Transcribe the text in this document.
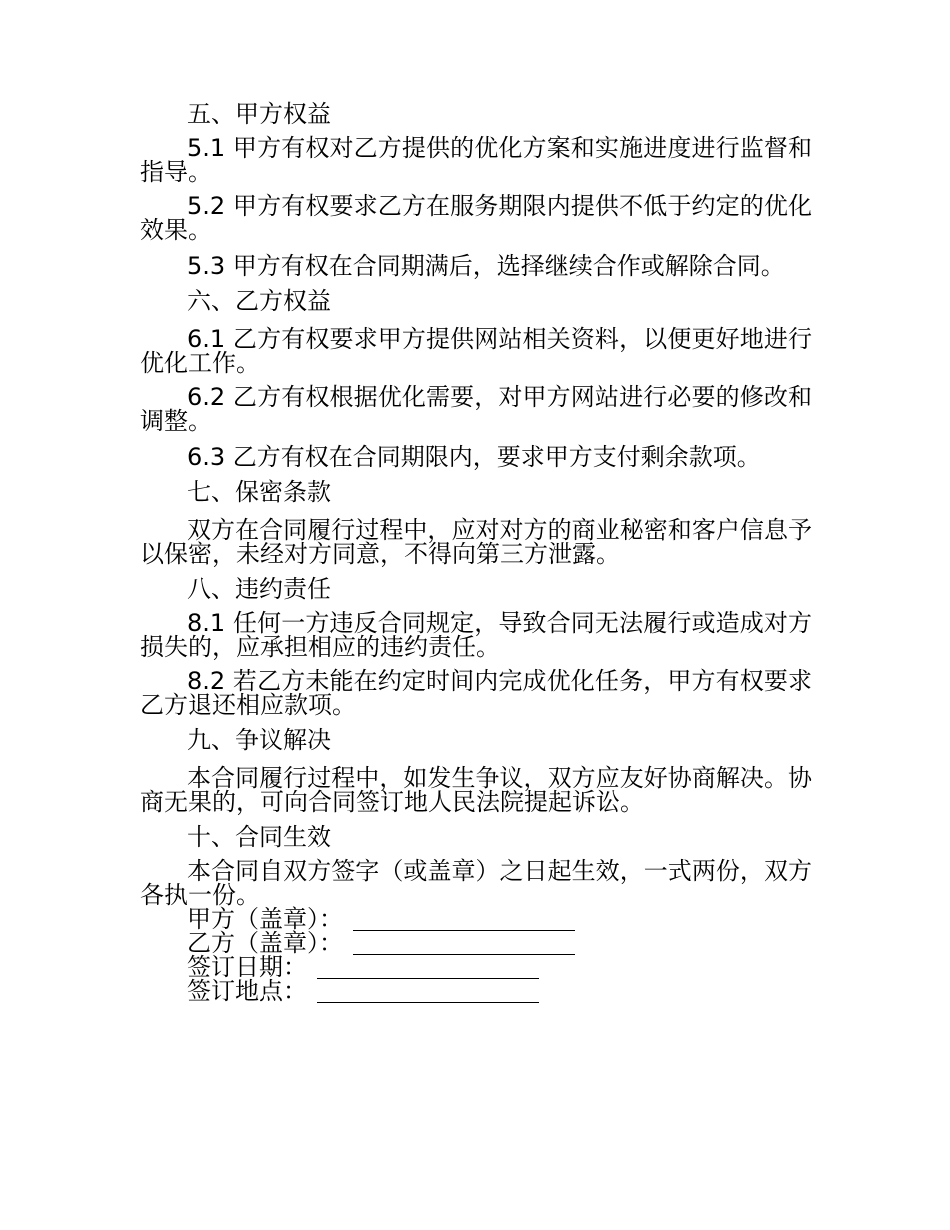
五、甲方权益

5.1 甲方有权对乙方提供的优化方案和实施进度进行监督和指导。

5.2 甲方有权要求乙方在服务期限内提供不低于约定的优化效果。

5.3 甲方有权在合同期满后，选择继续合作或解除合同。

六、乙方权益

6.1 乙方有权要求甲方提供网站相关资料，以便更好地进行优化工作。

6.2 乙方有权根据优化需要，对甲方网站进行必要的修改和调整。

6.3 乙方有权在合同期限内，要求甲方支付剩余款项。

七、保密条款

双方在合同履行过程中，应对对方的商业秘密和客户信息予以保密，未经对方同意，不得向第三方泄露。

八、违约责任

8.1 任何一方违反合同规定，导致合同无法履行或造成对方损失的，应承担相应的违约责任。

8.2 若乙方未能在约定时间内完成优化任务，甲方有权要求乙方退还相应款项。

九、争议解决

本合同履行过程中，如发生争议，双方应友好协商解决。协商无果的，可向合同签订地人民法院提起诉讼。

十、合同生效

本合同自双方签字（或盖章）之日起生效，一式两份，双方各执一份。

甲方（盖章）：
乙方（盖章）：
签订日期：
签订地点：
